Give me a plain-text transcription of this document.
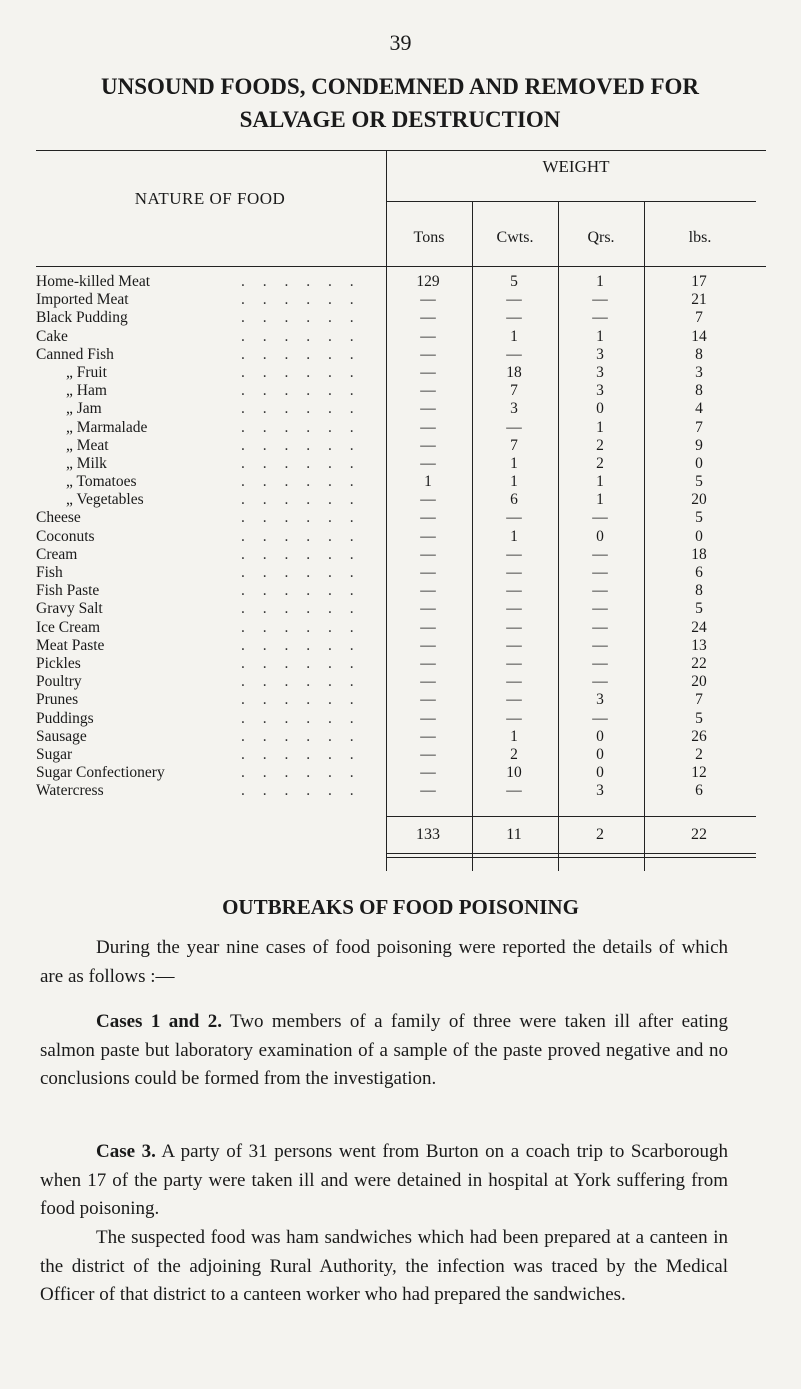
39
UNSOUND FOODS, CONDEMNED AND REMOVED FOR
SALVAGE OR DESTRUCTION
NATURE OF FOOD
WEIGHT
Tons	Cwts.	Qrs.	lbs.
Home-killed Meat	. . . . . .	129	5	1	17
Imported Meat	. . . . . .	—	—	—	21
Black Pudding	. . . . . .	—	—	—	7
Cake	. . . . . .	—	1	1	14
Canned Fish	. . . . . .	—	—	3	8
„ Fruit	. . . . . .	—	18	3	3
„ Ham	. . . . . .	—	7	3	8
„ Jam	. . . . . .	—	3	0	4
„ Marmalade	. . . . . .	—	—	1	7
„ Meat	. . . . . .	—	7	2	9
„ Milk	. . . . . .	—	1	2	0
„ Tomatoes	. . . . . .	1	1	1	5
„ Vegetables	. . . . . .	—	6	1	20
Cheese	. . . . . .	—	—	—	5
Coconuts	. . . . . .	—	1	0	0
Cream	. . . . . .	—	—	—	18
Fish	. . . . . .	—	—	—	6
Fish Paste	. . . . . .	—	—	—	8
Gravy Salt	. . . . . .	—	—	—	5
Ice Cream	. . . . . .	—	—	—	24
Meat Paste	. . . . . .	—	—	—	13
Pickles	. . . . . .	—	—	—	22
Poultry	. . . . . .	—	—	—	20
Prunes	. . . . . .	—	—	3	7
Puddings	. . . . . .	—	—	—	5
Sausage	. . . . . .	—	1	0	26
Sugar	. . . . . .	—	2	0	2
Sugar Confectionery	. . . . . .	—	10	0	12
Watercress	. . . . . .	—	—	3	6
133	11	2	22
OUTBREAKS OF FOOD POISONING
During the year nine cases of food poisoning were reported the details of which are as follows :—
Cases 1 and 2. Two members of a family of three were taken ill after eating salmon paste but laboratory examination of a sample of the paste proved negative and no conclusions could be formed from the investigation.
Case 3. A party of 31 persons went from Burton on a coach trip to Scarborough when 17 of the party were taken ill and were detained in hospital at York suffering from food poisoning.
The suspected food was ham sandwiches which had been prepared at a canteen in the district of the adjoining Rural Authority, the infection was traced by the Medical Officer of that district to a canteen worker who had prepared the sandwiches.
